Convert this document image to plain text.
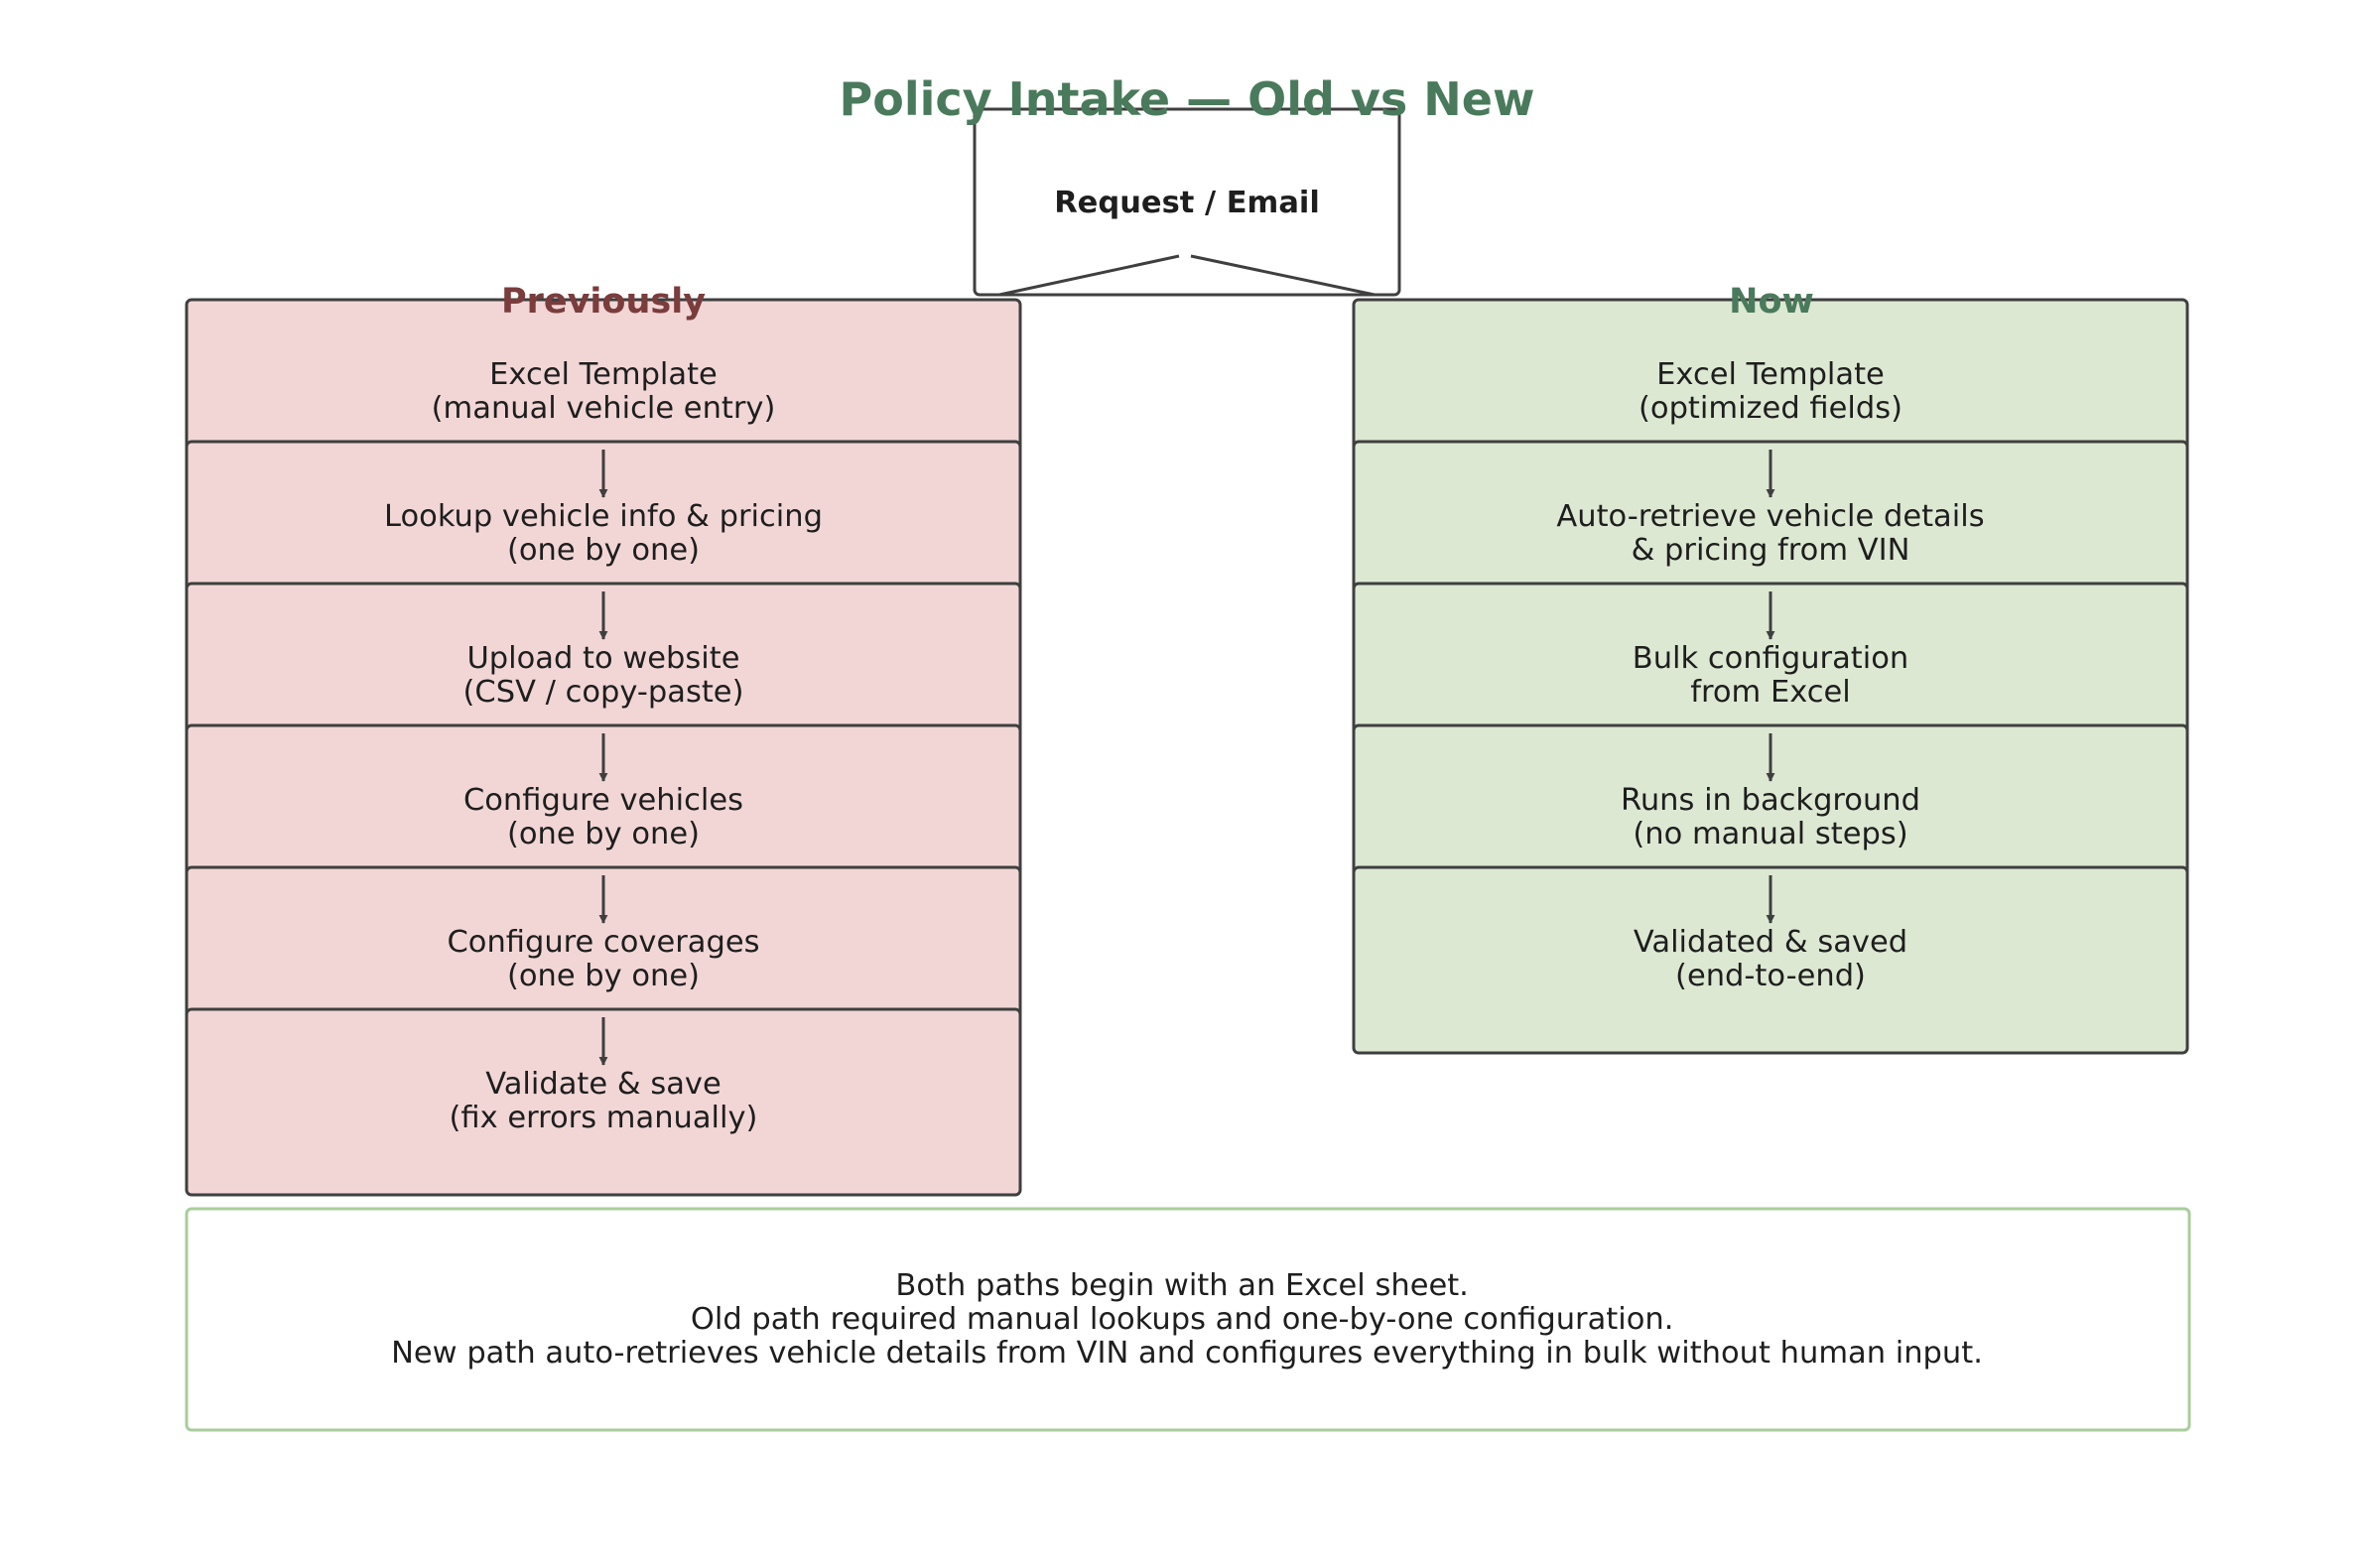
Request / Email
Excel Template (manual vehicle entry)
Lookup vehicle info & pricing (one by one)
Upload to website (CSV / copy-paste)
Configure vehicles (one by one)
Configure coverages (one by one)
Validate & save (fix errors manually)
Excel Template (optimized fields)
Auto-retrieve vehicle details & pricing from VIN
Bulk configuration from Excel
Runs in background (no manual steps)
Validated & saved (end-to-end)
Previously	Now
Policy Intake — Old vs New
Both paths begin with an Excel sheet. Old path required manual lookups and one-by-one configuration. New path auto-retrieves vehicle details from VIN and configures everything in bulk without human input.
